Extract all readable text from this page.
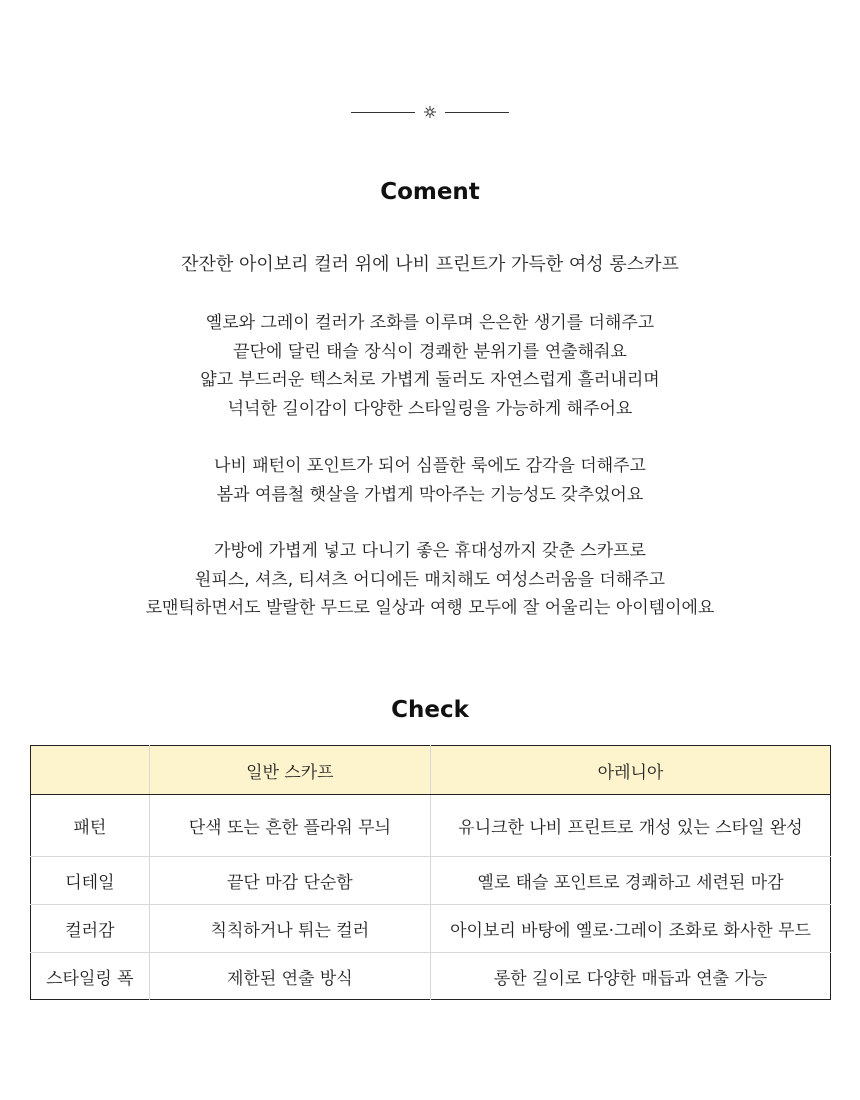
Coment

잔잔한 아이보리 컬러 위에 나비 프린트가 가득한 여성 롱스카프

옐로와 그레이 컬러가 조화를 이루며 은은한 생기를 더해주고
끝단에 달린 태슬 장식이 경쾌한 분위기를 연출해줘요
얇고 부드러운 텍스처로 가볍게 둘러도 자연스럽게 흘러내리며
넉넉한 길이감이 다양한 스타일링을 가능하게 해주어요

나비 패턴이 포인트가 되어 심플한 룩에도 감각을 더해주고
봄과 여름철 햇살을 가볍게 막아주는 기능성도 갖추었어요

가방에 가볍게 넣고 다니기 좋은 휴대성까지 갖춘 스카프로
원피스, 셔츠, 티셔츠 어디에든 매치해도 여성스러움을 더해주고
로맨틱하면서도 발랄한 무드로 일상과 여행 모두에 잘 어울리는 아이템이에요

Check
	일반 스카프	아레니아
패턴	단색 또는 흔한 플라워 무늬	유니크한 나비 프린트로 개성 있는 스타일 완성
디테일	끝단 마감 단순함	옐로 태슬 포인트로 경쾌하고 세련된 마감
컬러감	칙칙하거나 튀는 컬러	아이보리 바탕에 옐로·그레이 조화로 화사한 무드
스타일링 폭	제한된 연출 방식	롱한 길이로 다양한 매듭과 연출 가능
